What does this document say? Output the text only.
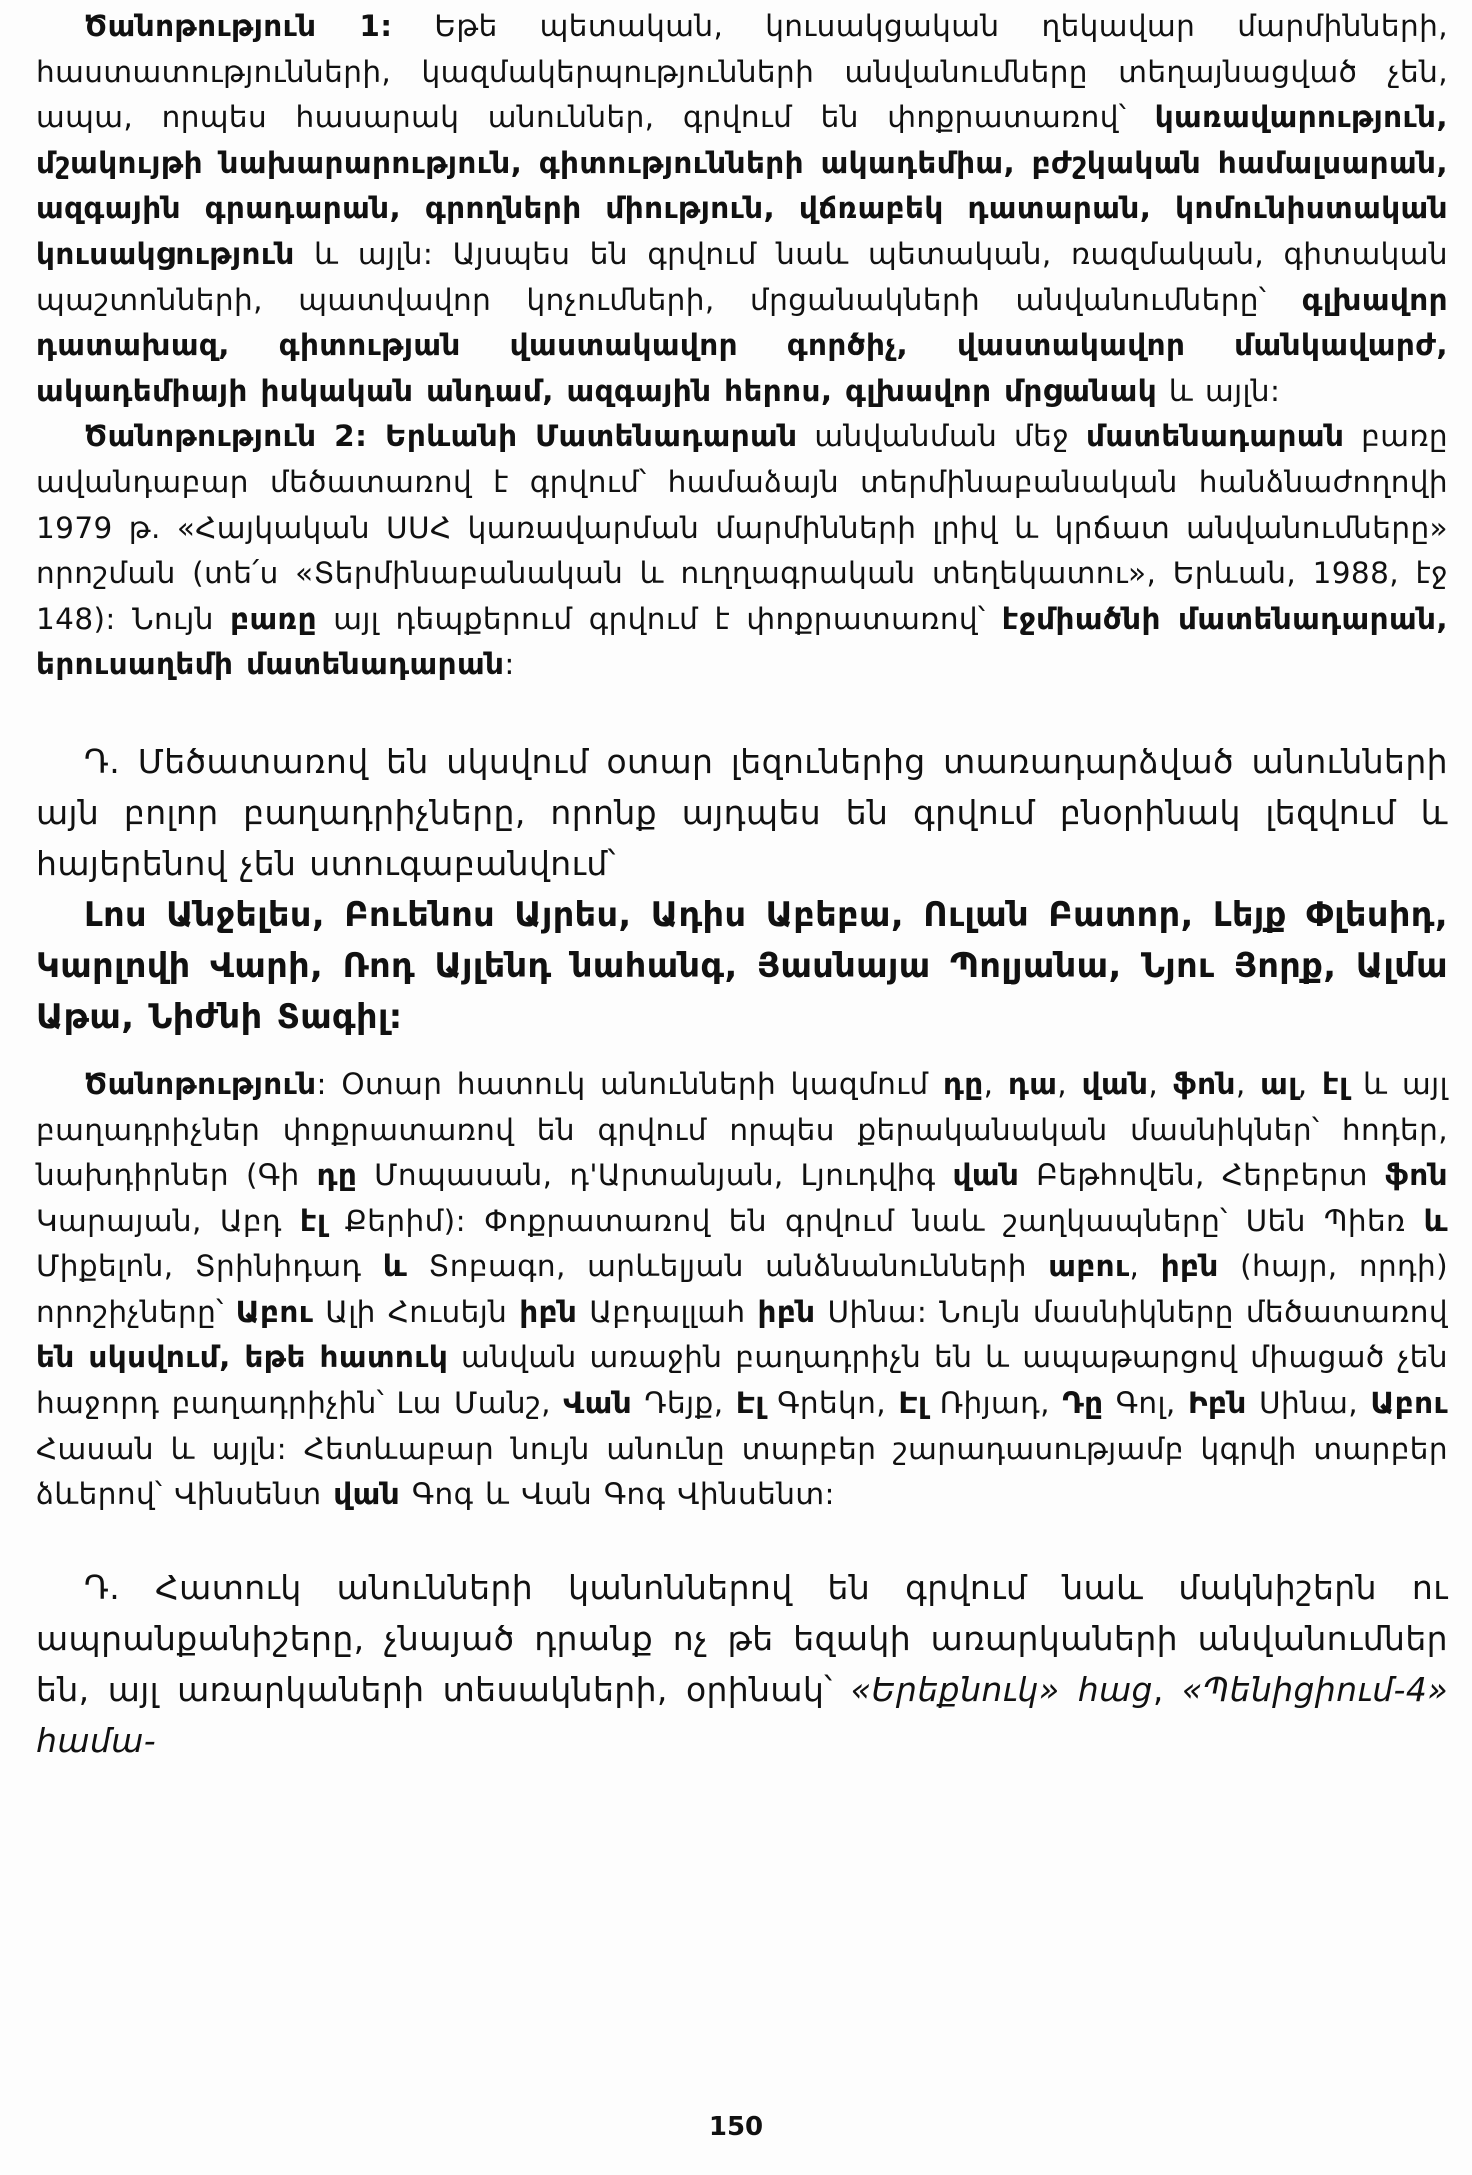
Ծանոթություն 1: Եթե պետական, կուսակցական ղեկավար մարմինների, հաստատությունների, կազմակերպությունների անվանումները տեղայնացված չեն, ապա, որպես հասարակ անուններ, գրվում են փոքրատառով՝ կառավարություն, մշակույթի նախարարություն, գիտությունների ակադեմիա, բժշկական համալսարան, ազգային գրադարան, գրողների միություն, վճռաբեկ դատարան, կոմունիստական կուսակցություն և այլն: Այսպես են գրվում նաև պետական, ռազմական, գիտական պաշտոնների, պատվավոր կոչումների, մրցանակների անվանումները՝ գլխավոր դատախազ, գիտության վաստակավոր գործիչ, վաստակավոր մանկավարժ, ակադեմիայի իսկական անդամ, ազգային հերոս, գլխավոր մրցանակ և այլն:

Ծանոթություն 2: Երևանի Մատենադարան անվանման մեջ մատենադարան բառը ավանդաբար մեծատառով է գրվում՝ համաձայն տերմինաբանական հանձնաժողովի 1979 թ. «Հայկական ՍՍՀ կառավարման մարմինների լրիվ և կրճատ անվանումները» որոշման (տե՛ս «Տերմինաբանական և ուղղագրական տեղեկատու», Երևան, 1988, էջ 148): Նույն բառը այլ դեպքերում գրվում է փոքրատառով՝ էջմիածնի մատենադարան, երուսաղեմի մատենադարան:

Դ. Մեծատառով են սկսվում օտար լեզուներից տառադարձված անունների այն բոլոր բաղադրիչները, որոնք այդպես են գրվում բնօրինակ լեզվում և հայերենով չեն ստուգաբանվում՝

Լոս Անջելես, Բուենոս Այրես, Ադիս Աբեբա, Ուլան Բատոր, Լեյք Փլեսիդ, Կարլովի Վարի, Ռոդ Այլենդ նահանգ, Յասնայա Պոլյանա, Նյու Յորք, Ալմա Աթա, Նիժնի Տագիլ:

Ծանոթություն: Օտար հատուկ անունների կազմում դը, դա, վան, ֆոն, ալ, էլ և այլ բաղադրիչներ փոքրատառով են գրվում որպես քերականական մասնիկներ՝ հոդեր, նախդիրներ (Գի դը Մոպասան, դ'Արտանյան, Լյուդվիգ վան Բեթհովեն, Հերբերտ ֆոն Կարայան, Աբդ էլ Քերիմ): Փոքրատառով են գրվում նաև շաղկապները՝ Սեն Պիեռ և Միքելոն, Տրինիդադ և Տոբագո, արևելյան անձնանունների աբու, իբն (հայր, որդի) որոշիչները՝ Աբու Ալի Հուսեյն իբն Աբդալլահ իբն Սինա: Նույն մասնիկները մեծատառով են սկսվում, եթե հատուկ անվան առաջին բաղադրիչն են և ապաթարցով միացած չեն հաջորդ բաղադրիչին՝ Լա Մանշ, Վան Դեյք, Էլ Գրեկո, Էլ Ռիյադ, Դը Գոլ, Իբն Սինա, Աբու Հասան և այլն: Հետևաբար նույն անունը տարբեր շարադասությամբ կգրվի տարբեր ձևերով՝ Վինսենտ վան Գոգ և Վան Գոգ Վինսենտ:

Դ. Հատուկ անունների կանոններով են գրվում նաև մակնիշերն ու ապրանքանիշերը, չնայած դրանք ոչ թե եզակի առարկաների անվանումներ են, այլ առարկաների տեսակների, օրինակ՝ «Երեքնուկ» հաց, «Պենիցիում-4» համա-

150
